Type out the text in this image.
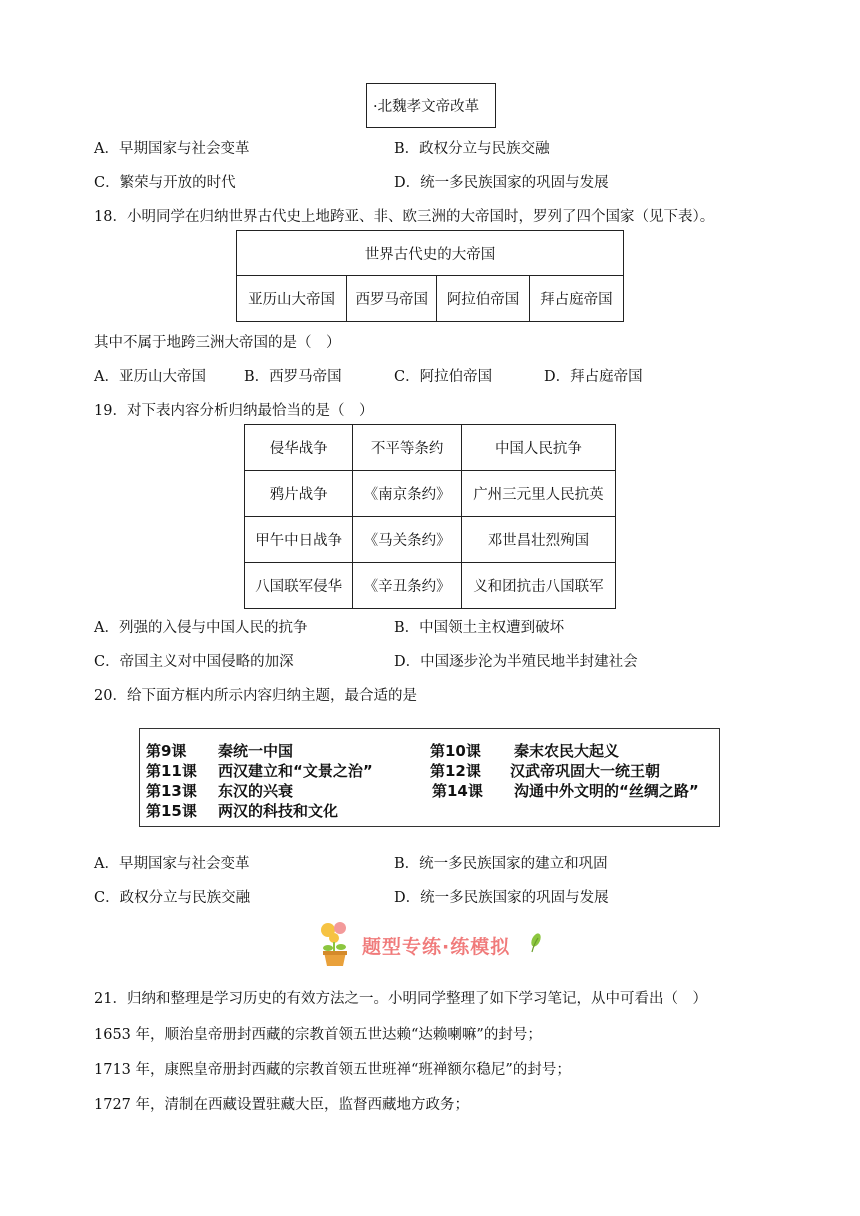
·北魏孝文帝改革
A．早期国家与社会变革	B．政权分立与民族交融
C．繁荣与开放的时代	D．统一多民族国家的巩固与发展
18．小明同学在归纳世界古代史上地跨亚、非、欧三洲的大帝国时，罗列了四个国家（见下表）。
世界古代史的大帝国
亚历山大帝国	西罗马帝国	阿拉伯帝国	拜占庭帝国
其中不属于地跨三洲大帝国的是（　）
A．亚历山大帝国	B．西罗马帝国	C．阿拉伯帝国	D．拜占庭帝国
19．对下表内容分析归纳最恰当的是（　）
侵华战争	不平等条约	中国人民抗争
鸦片战争	《南京条约》	广州三元里人民抗英
甲午中日战争	《马关条约》	邓世昌壮烈殉国
八国联军侵华	《辛丑条约》	义和团抗击八国联军
A．列强的入侵与中国人民的抗争	B．中国领土主权遭到破坏
C．帝国主义对中国侵略的加深	D．中国逐步沦为半殖民地半封建社会
20．给下面方框内所示内容归纳主题，最合适的是
第9课 秦统一中国	第10课 秦末农民大起义
第11课 西汉建立和“文景之治”	第12课 汉武帝巩固大一统王朝
第13课 东汉的兴衰	第14课 沟通中外文明的“丝绸之路”
第15课 两汉的科技和文化
A．早期国家与社会变革	B．统一多民族国家的建立和巩固
C．政权分立与民族交融	D．统一多民族国家的巩固与发展
题型专练·练模拟
21．归纳和整理是学习历史的有效方法之一。小明同学整理了如下学习笔记，从中可看出（　）
1653 年，顺治皇帝册封西藏的宗教首领五世达赖“达赖喇嘛”的封号；
1713 年，康熙皇帝册封西藏的宗教首领五世班禅“班禅额尔稳尼”的封号；
1727 年，清制在西藏设置驻藏大臣，监督西藏地方政务；
